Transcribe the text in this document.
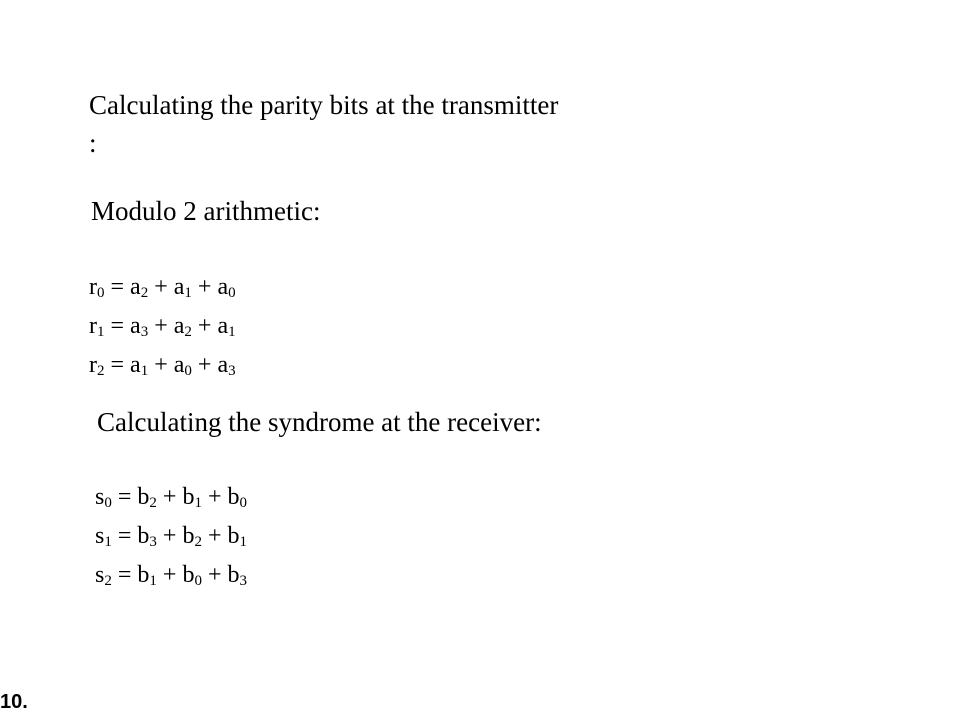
Calculating the parity bits at the transmitter
:
Modulo 2 arithmetic:
$r_0 = a_2 + a_1 + a_0$
$r_1 = a_3 + a_2 + a_1$
$r_2 = a_1 + a_0 + a_3$
Calculating the syndrome at the receiver:
$s_0 = b_2 + b_1 + b_0$
$s_1 = b_3 + b_2 + b_1$
$s_2 = b_1 + b_0 + b_3$
10.
